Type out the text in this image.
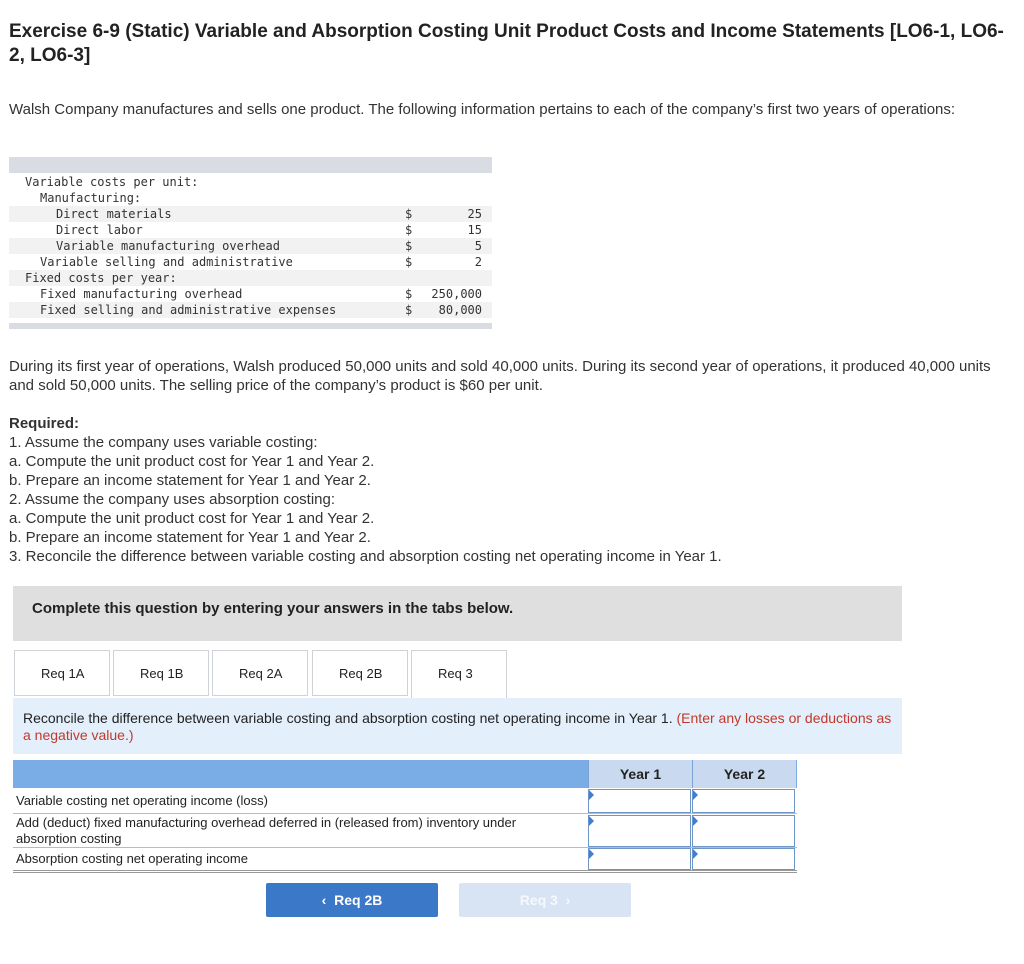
Exercise 6-9 (Static) Variable and Absorption Costing Unit Product Costs and Income Statements [LO6-1, LO6-2, LO6-3]
Walsh Company manufactures and sells one product. The following information pertains to each of the company’s first two years of operations:
Variable costs per unit:
Manufacturing:
Direct materials	$	25
Direct labor	$	15
Variable manufacturing overhead	$	5
Variable selling and administrative	$	2
Fixed costs per year:
Fixed manufacturing overhead	$ 250,000
Fixed selling and administrative expenses	$ 80,000
During its first year of operations, Walsh produced 50,000 units and sold 40,000 units. During its second year of operations, it produced 40,000 units and sold 50,000 units. The selling price of the company’s product is $60 per unit.
Required:
1. Assume the company uses variable costing:
a. Compute the unit product cost for Year 1 and Year 2.
b. Prepare an income statement for Year 1 and Year 2.
2. Assume the company uses absorption costing:
a. Compute the unit product cost for Year 1 and Year 2.
b. Prepare an income statement for Year 1 and Year 2.
3. Reconcile the difference between variable costing and absorption costing net operating income in Year 1.
Complete this question by entering your answers in the tabs below.
Req 1A	Req 1B	Req 2A	Req 2B	Req 3
Reconcile the difference between variable costing and absorption costing net operating income in Year 1. (Enter any losses or deductions as a negative value.)
Year 1	Year 2
Variable costing net operating income (loss)
Add (deduct) fixed manufacturing overhead deferred in (released from) inventory under absorption costing
Absorption costing net operating income
‹  Req 2B	Req 3  ›
